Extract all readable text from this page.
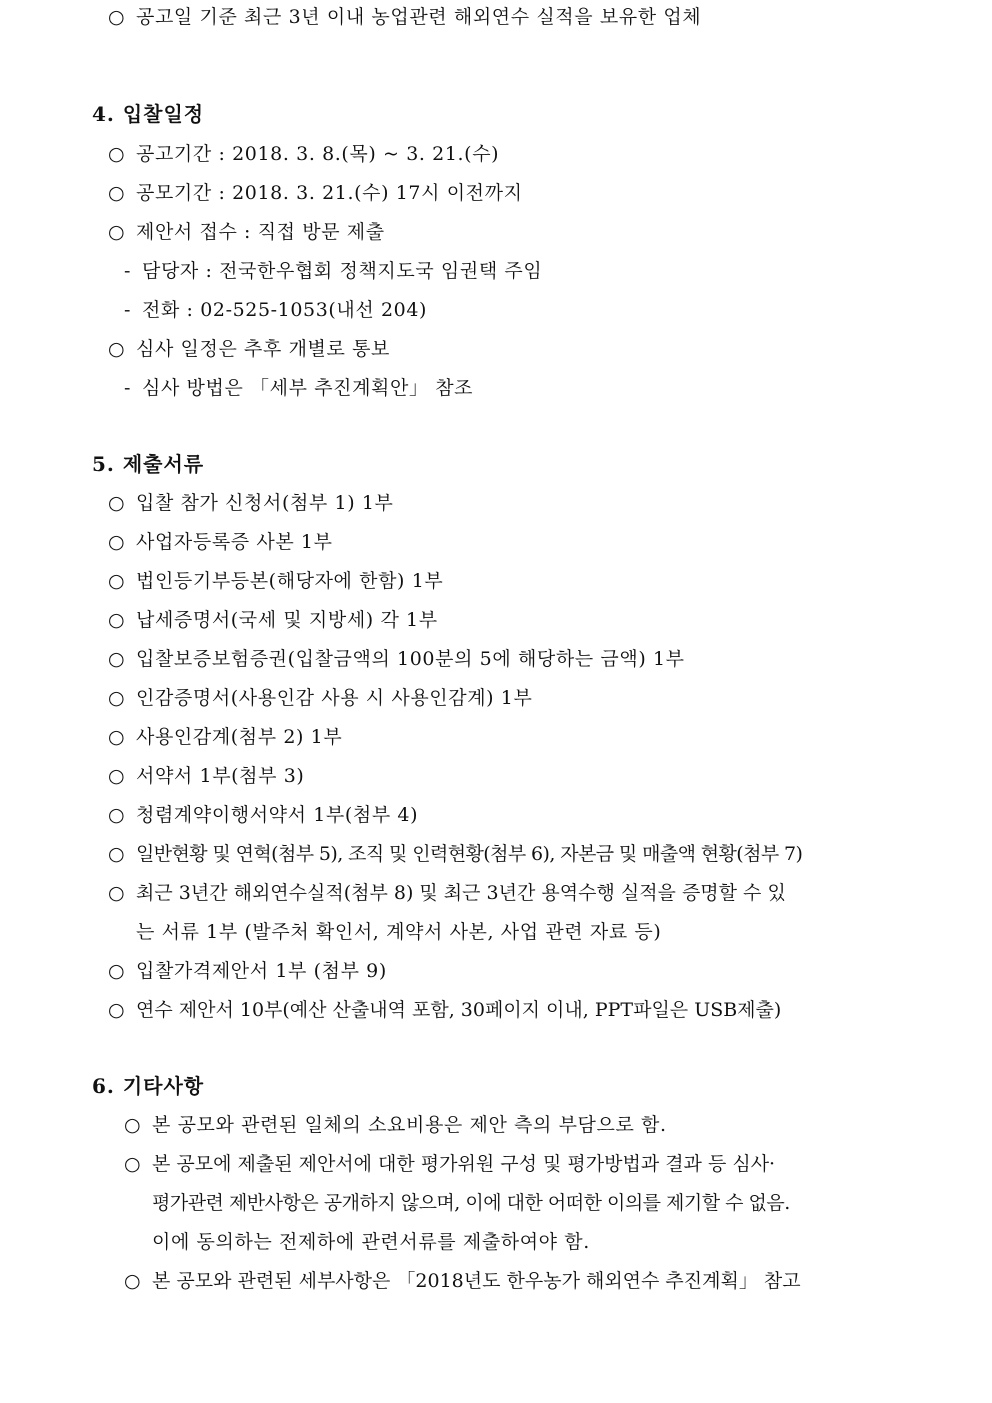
○ 공고일 기준 최근 3년 이내 농업관련 해외연수 실적을 보유한 업체
4. 입찰일정
○ 공고기간 : 2018. 3. 8.(목) ~ 3. 21.(수)
○ 공모기간 : 2018. 3. 21.(수) 17시 이전까지
○ 제안서 접수 : 직접 방문 제출
- 담당자 : 전국한우협회 정책지도국 임권택 주임
- 전화 : 02-525-1053(내선 204)
○ 심사 일정은 추후 개별로 통보
- 심사 방법은 「세부 추진계획안」 참조
5. 제출서류
○ 입찰 참가 신청서(첨부 1) 1부
○ 사업자등록증 사본 1부
○ 법인등기부등본(해당자에 한함) 1부
○ 납세증명서(국세 및 지방세) 각 1부
○ 입찰보증보험증권(입찰금액의 100분의 5에 해당하는 금액) 1부
○ 인감증명서(사용인감 사용 시 사용인감계) 1부
○ 사용인감계(첨부 2) 1부
○ 서약서 1부(첨부 3)
○ 청렴계약이행서약서 1부(첨부 4)
○ 일반현황 및 연혁(첨부 5), 조직 및 인력현황(첨부 6), 자본금 및 매출액 현황(첨부 7)
○ 최근 3년간 해외연수실적(첨부 8) 및 최근 3년간 용역수행 실적을 증명할 수 있
는 서류 1부 (발주처 확인서, 계약서 사본, 사업 관련 자료 등)
○ 입찰가격제안서 1부 (첨부 9)
○ 연수 제안서 10부(예산 산출내역 포함, 30페이지 이내, PPT파일은 USB제출)
6. 기타사항
○ 본 공모와 관련된 일체의 소요비용은 제안 측의 부담으로 함.
○ 본 공모에 제출된 제안서에 대한 평가위원 구성 및 평가방법과 결과 등 심사·
평가관련 제반사항은 공개하지 않으며, 이에 대한 어떠한 이의를 제기할 수 없음.
이에 동의하는 전제하에 관련서류를 제출하여야 함.
○ 본 공모와 관련된 세부사항은 「2018년도 한우농가 해외연수 추진계획」 참고
